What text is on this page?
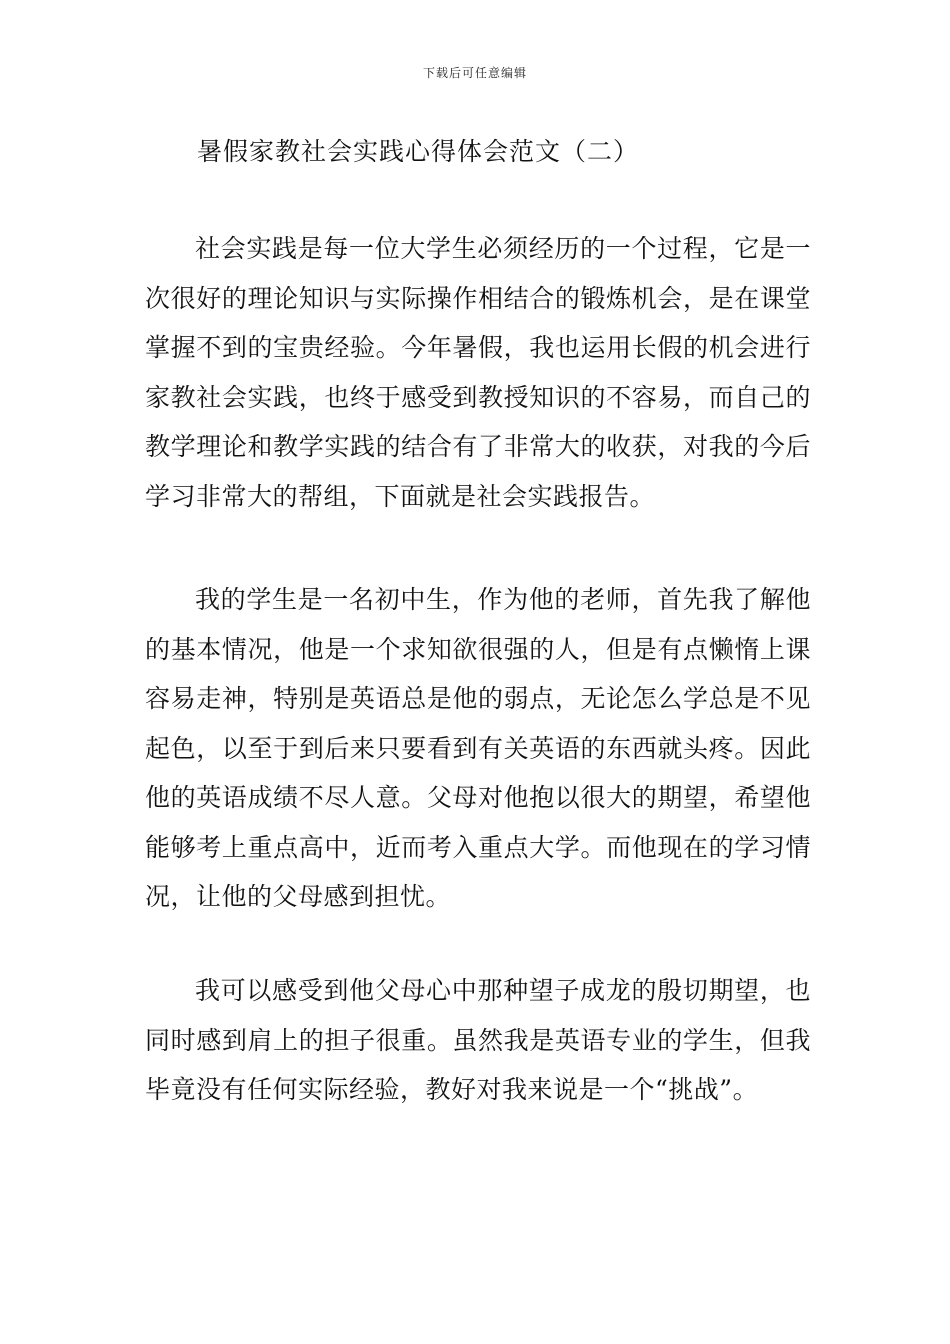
下载后可任意编辑
暑假家教社会实践心得体会范文（二）

社会实践是每一位大学生必须经历的一个过程，它是一次很好的理论知识与实际操作相结合的锻炼机会，是在课堂掌握不到的宝贵经验。今年暑假，我也运用长假的机会进行家教社会实践，也终于感受到教授知识的不容易，而自己的教学理论和教学实践的结合有了非常大的收获，对我的今后学习非常大的帮组，下面就是社会实践报告。

我的学生是一名初中生，作为他的老师，首先我了解他的基本情况，他是一个求知欲很强的人，但是有点懒惰上课容易走神，特别是英语总是他的弱点，无论怎么学总是不见起色，以至于到后来只要看到有关英语的东西就头疼。因此他的英语成绩不尽人意。父母对他抱以很大的期望，希望他能够考上重点高中，近而考入重点大学。而他现在的学习情况，让他的父母感到担忧。

我可以感受到他父母心中那种望子成龙的殷切期望，也同时感到肩上的担子很重。虽然我是英语专业的学生，但我毕竟没有任何实际经验，教好对我来说是一个“挑战”。
